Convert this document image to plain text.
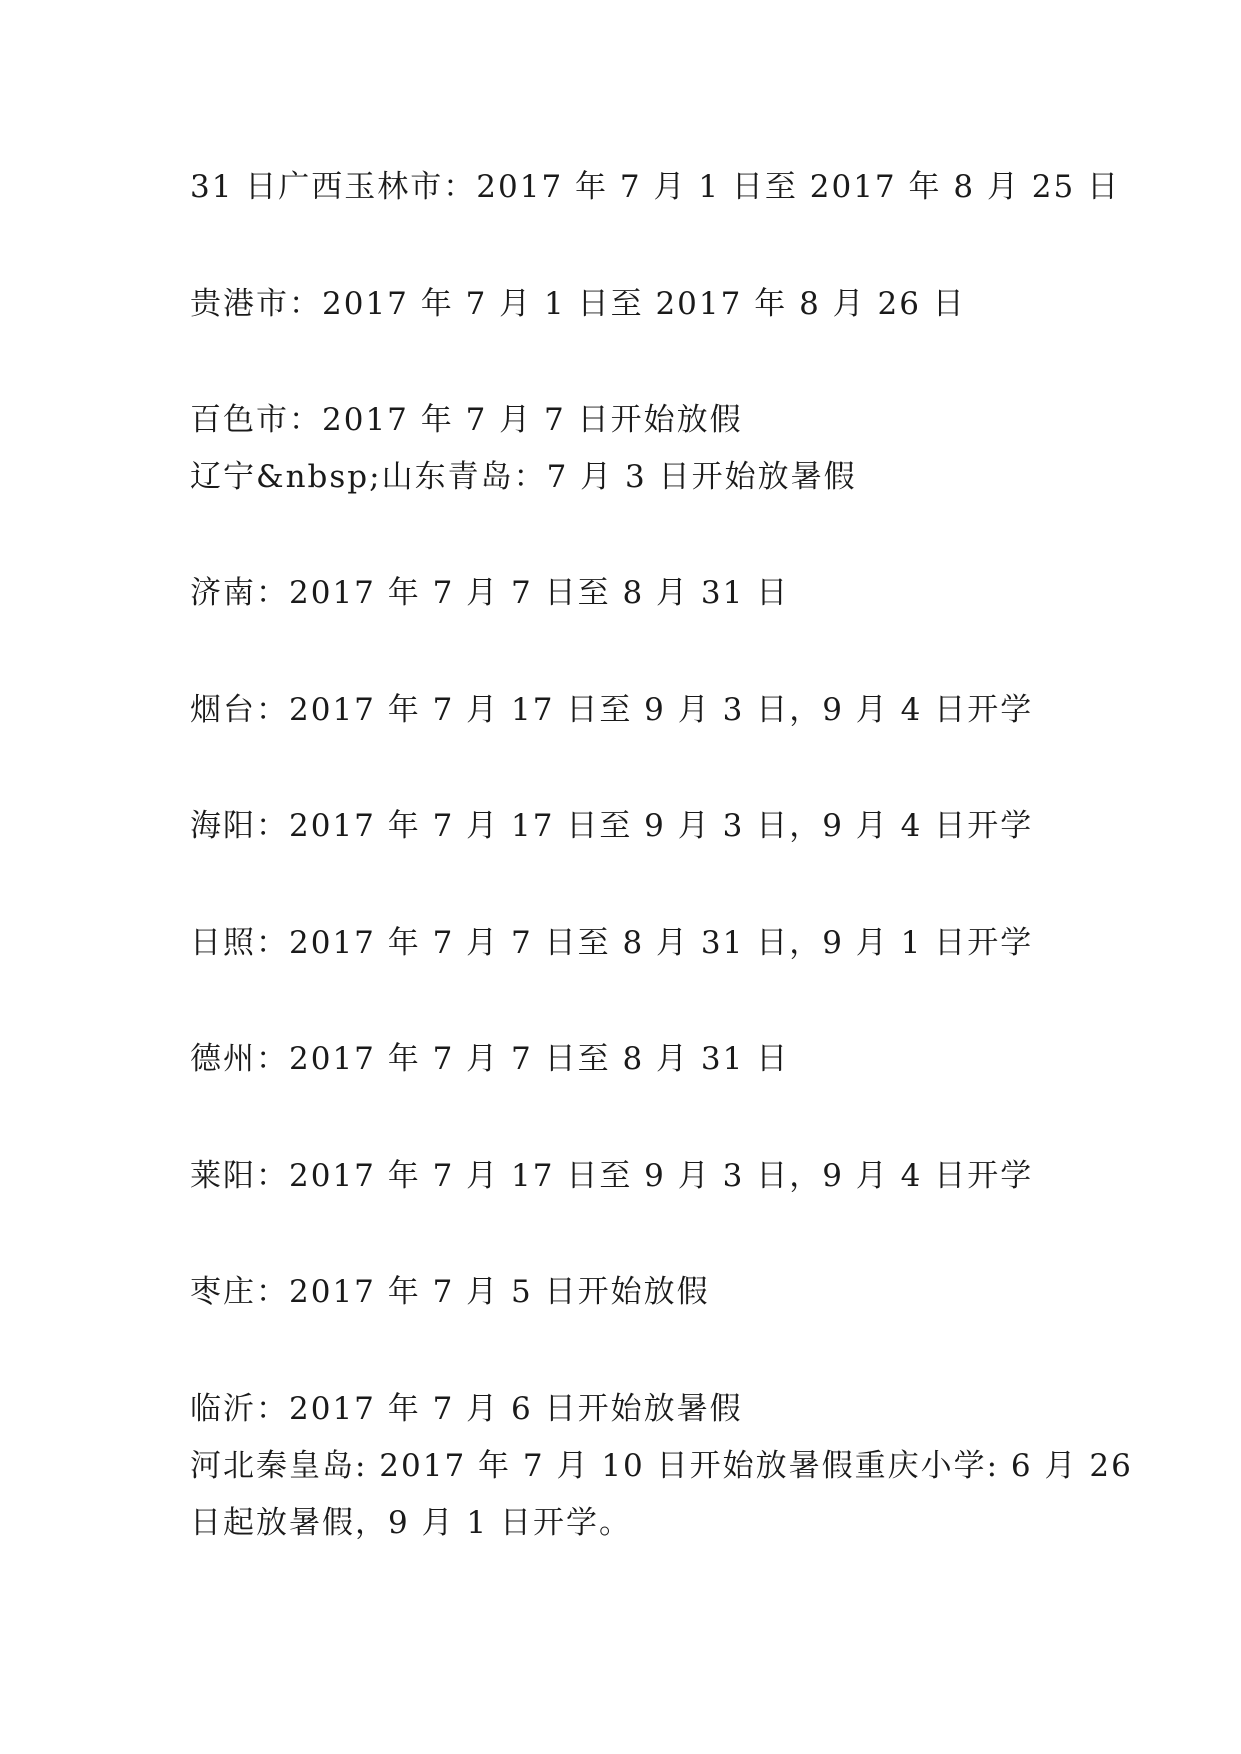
31 日广西玉林市：2017 年 7 月 1 日至 2017 年 8 月 25 日
贵港市：2017 年 7 月 1 日至 2017 年 8 月 26 日
百色市：2017 年 7 月 7 日开始放假
辽宁&nbsp;山东青岛：7 月 3 日开始放暑假
济南：2017 年 7 月 7 日至 8 月 31 日
烟台：2017 年 7 月 17 日至 9 月 3 日，9 月 4 日开学
海阳：2017 年 7 月 17 日至 9 月 3 日，9 月 4 日开学
日照：2017 年 7 月 7 日至 8 月 31 日，9 月 1 日开学
德州：2017 年 7 月 7 日至 8 月 31 日
莱阳：2017 年 7 月 17 日至 9 月 3 日，9 月 4 日开学
枣庄：2017 年 7 月 5 日开始放假
临沂：2017 年 7 月 6 日开始放暑假
河北秦皇岛: 2017 年 7 月 10 日开始放暑假重庆小学: 6 月 26
日起放暑假，9 月 1 日开学。
